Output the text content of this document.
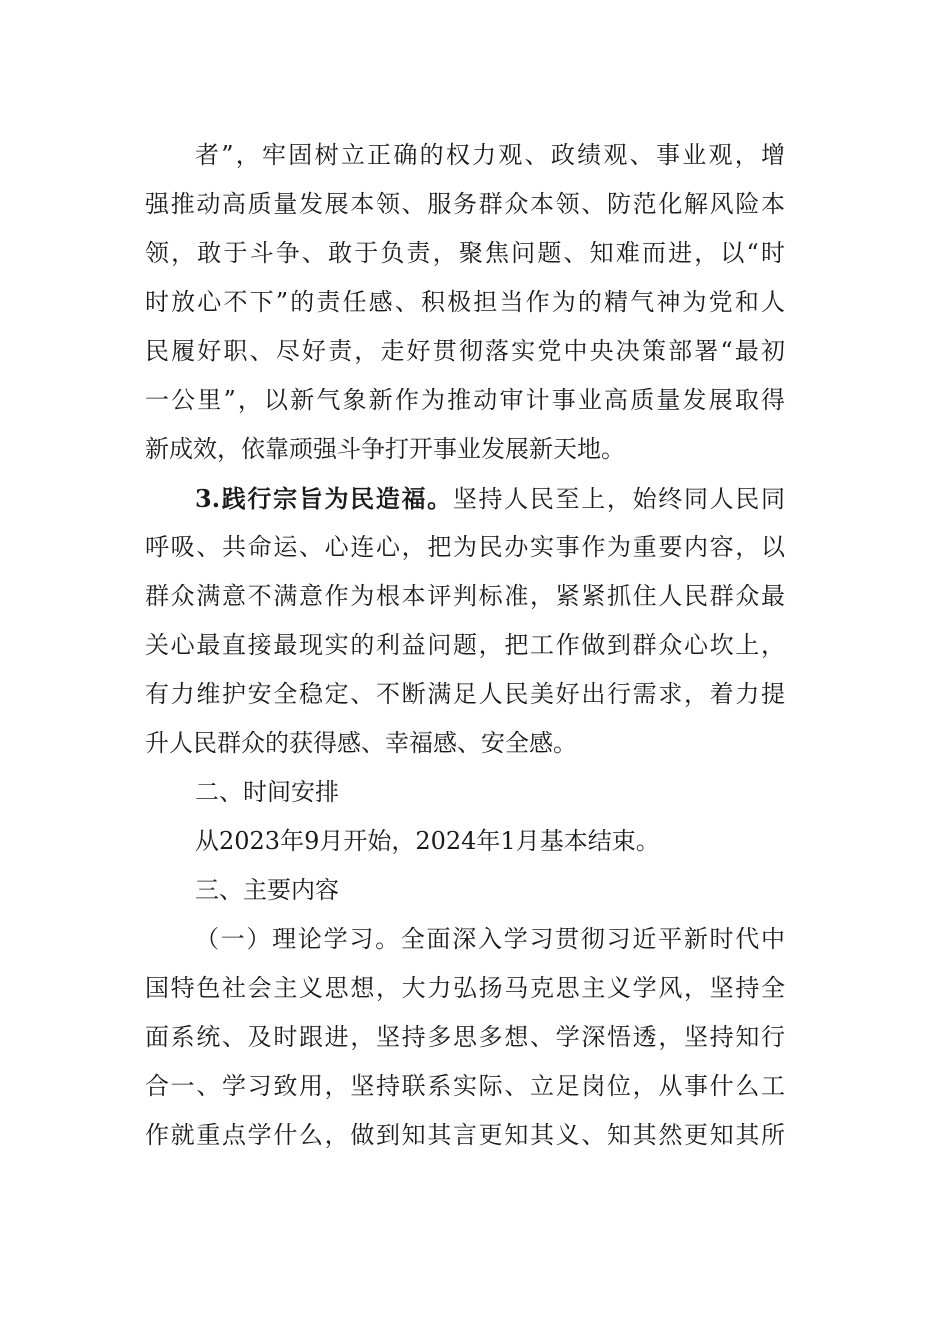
者”，牢固树立正确的权力观、政绩观、事业观，增
强推动高质量发展本领、服务群众本领、防范化解风险本
领，敢于斗争、敢于负责，聚焦问题、知难而进，以“时
时放心不下”的责任感、积极担当作为的精气神为党和人
民履好职、尽好责，走好贯彻落实党中央决策部署“最初
一公里”，以新气象新作为推动审计事业高质量发展取得
新成效，依靠顽强斗争打开事业发展新天地。
3.践行宗旨为民造福。坚持人民至上，始终同人民同
呼吸、共命运、心连心，把为民办实事作为重要内容，以
群众满意不满意作为根本评判标准，紧紧抓住人民群众最
关心最直接最现实的利益问题，把工作做到群众心坎上，
有力维护安全稳定、不断满足人民美好出行需求，着力提
升人民群众的获得感、幸福感、安全感。
二、时间安排
从2023年9月开始，2024年1月基本结束。
三、主要内容
（一）理论学习。全面深入学习贯彻习近平新时代中
国特色社会主义思想，大力弘扬马克思主义学风，坚持全
面系统、及时跟进，坚持多思多想、学深悟透，坚持知行
合一、学习致用，坚持联系实际、立足岗位，从事什么工
作就重点学什么，做到知其言更知其义、知其然更知其所
